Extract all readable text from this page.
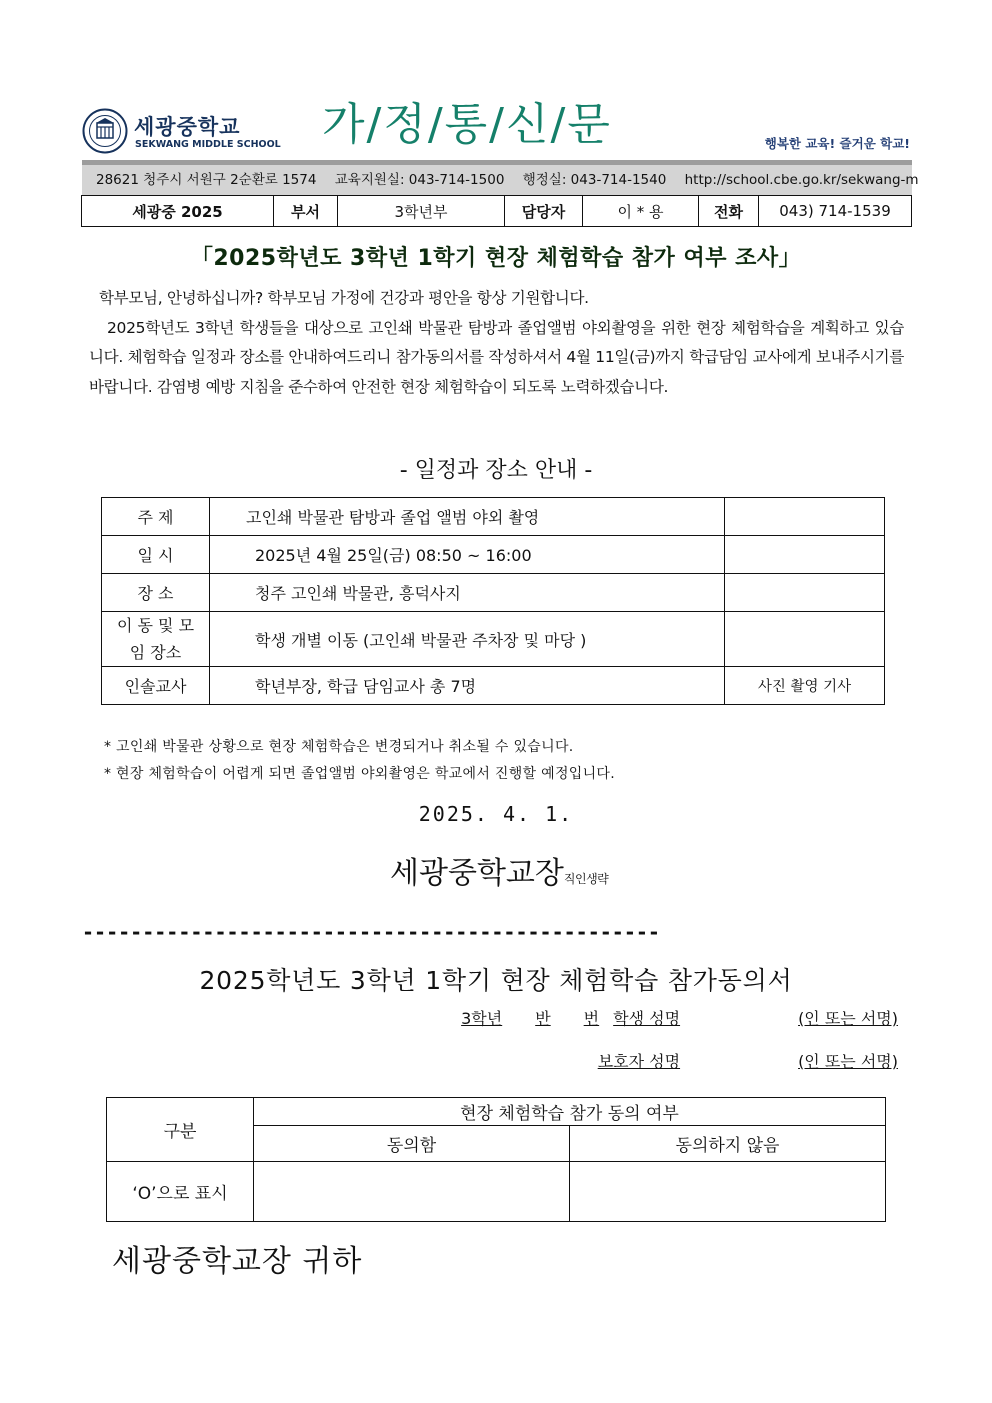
세광중학교
SEKWANG MIDDLE SCHOOL 가/정/통/신/문	행복한 교육! 즐거운 학교!
28621 청주시 서원구 2순환로 1574 교육지원실: 043-714-1500 행정실: 043-714-1540 http://school.cbe.go.kr/sekwang-m
세광중 2025	부서	3학년부	담당자	이 * 용	전화	043) 714-1539
「2025학년도 3학년 1학기 현장 체험학습 참가 여부 조사」

학부모님, 안녕하십니까? 학부모님 가정에 건강과 평안을 항상 기원합니다.

2025학년도 3학년 학생들을 대상으로 고인쇄 박물관 탐방과 졸업앨범 야외촬영을 위한 현장 체험학습을 계획하고 있습니다. 체험학습 일정과 장소를 안내하여드리니 참가동의서를 작성하셔서 4월 11일(금)까지 학급담임 교사에게 보내주시기를 바랍니다. 감염병 예방 지침을 준수하여 안전한 현장 체험학습이 되도록 노력하겠습니다.

- 일정과 장소 안내 -
주 제	고인쇄 박물관 탐방과 졸업 앨범 야외 촬영	
일 시	2025년 4월 25일(금) 08:50 ~ 16:00	
장 소	청주 고인쇄 박물관, 흥덕사지	
이 동 및 모임 장소	학생 개별 이동 (고인쇄 박물관 주차장 및 마당 )	
인솔교사	학년부장, 학급 담임교사 총 7명	사진 촬영 기사
* 고인쇄 박물관 상황으로 현장 체험학습은 변경되거나 취소될 수 있습니다.
* 현장 체험학습이 어렵게 되면 졸업앨범 야외촬영은 학교에서 진행할 예정입니다.
2025. 4. 1.
세광중학교장직인생략
------------------------------------------------
2025학년도 3학년 1학기 현장 체험학습 참가동의서
3학년 반 번 학생 성명	(인 또는 서명)
보호자 성명	(인 또는 서명)
구분	현장 체험학습 참가 동의 여부	
	동의함	동의하지 않음
‘O’으로 표시		
세광중학교장 귀하
